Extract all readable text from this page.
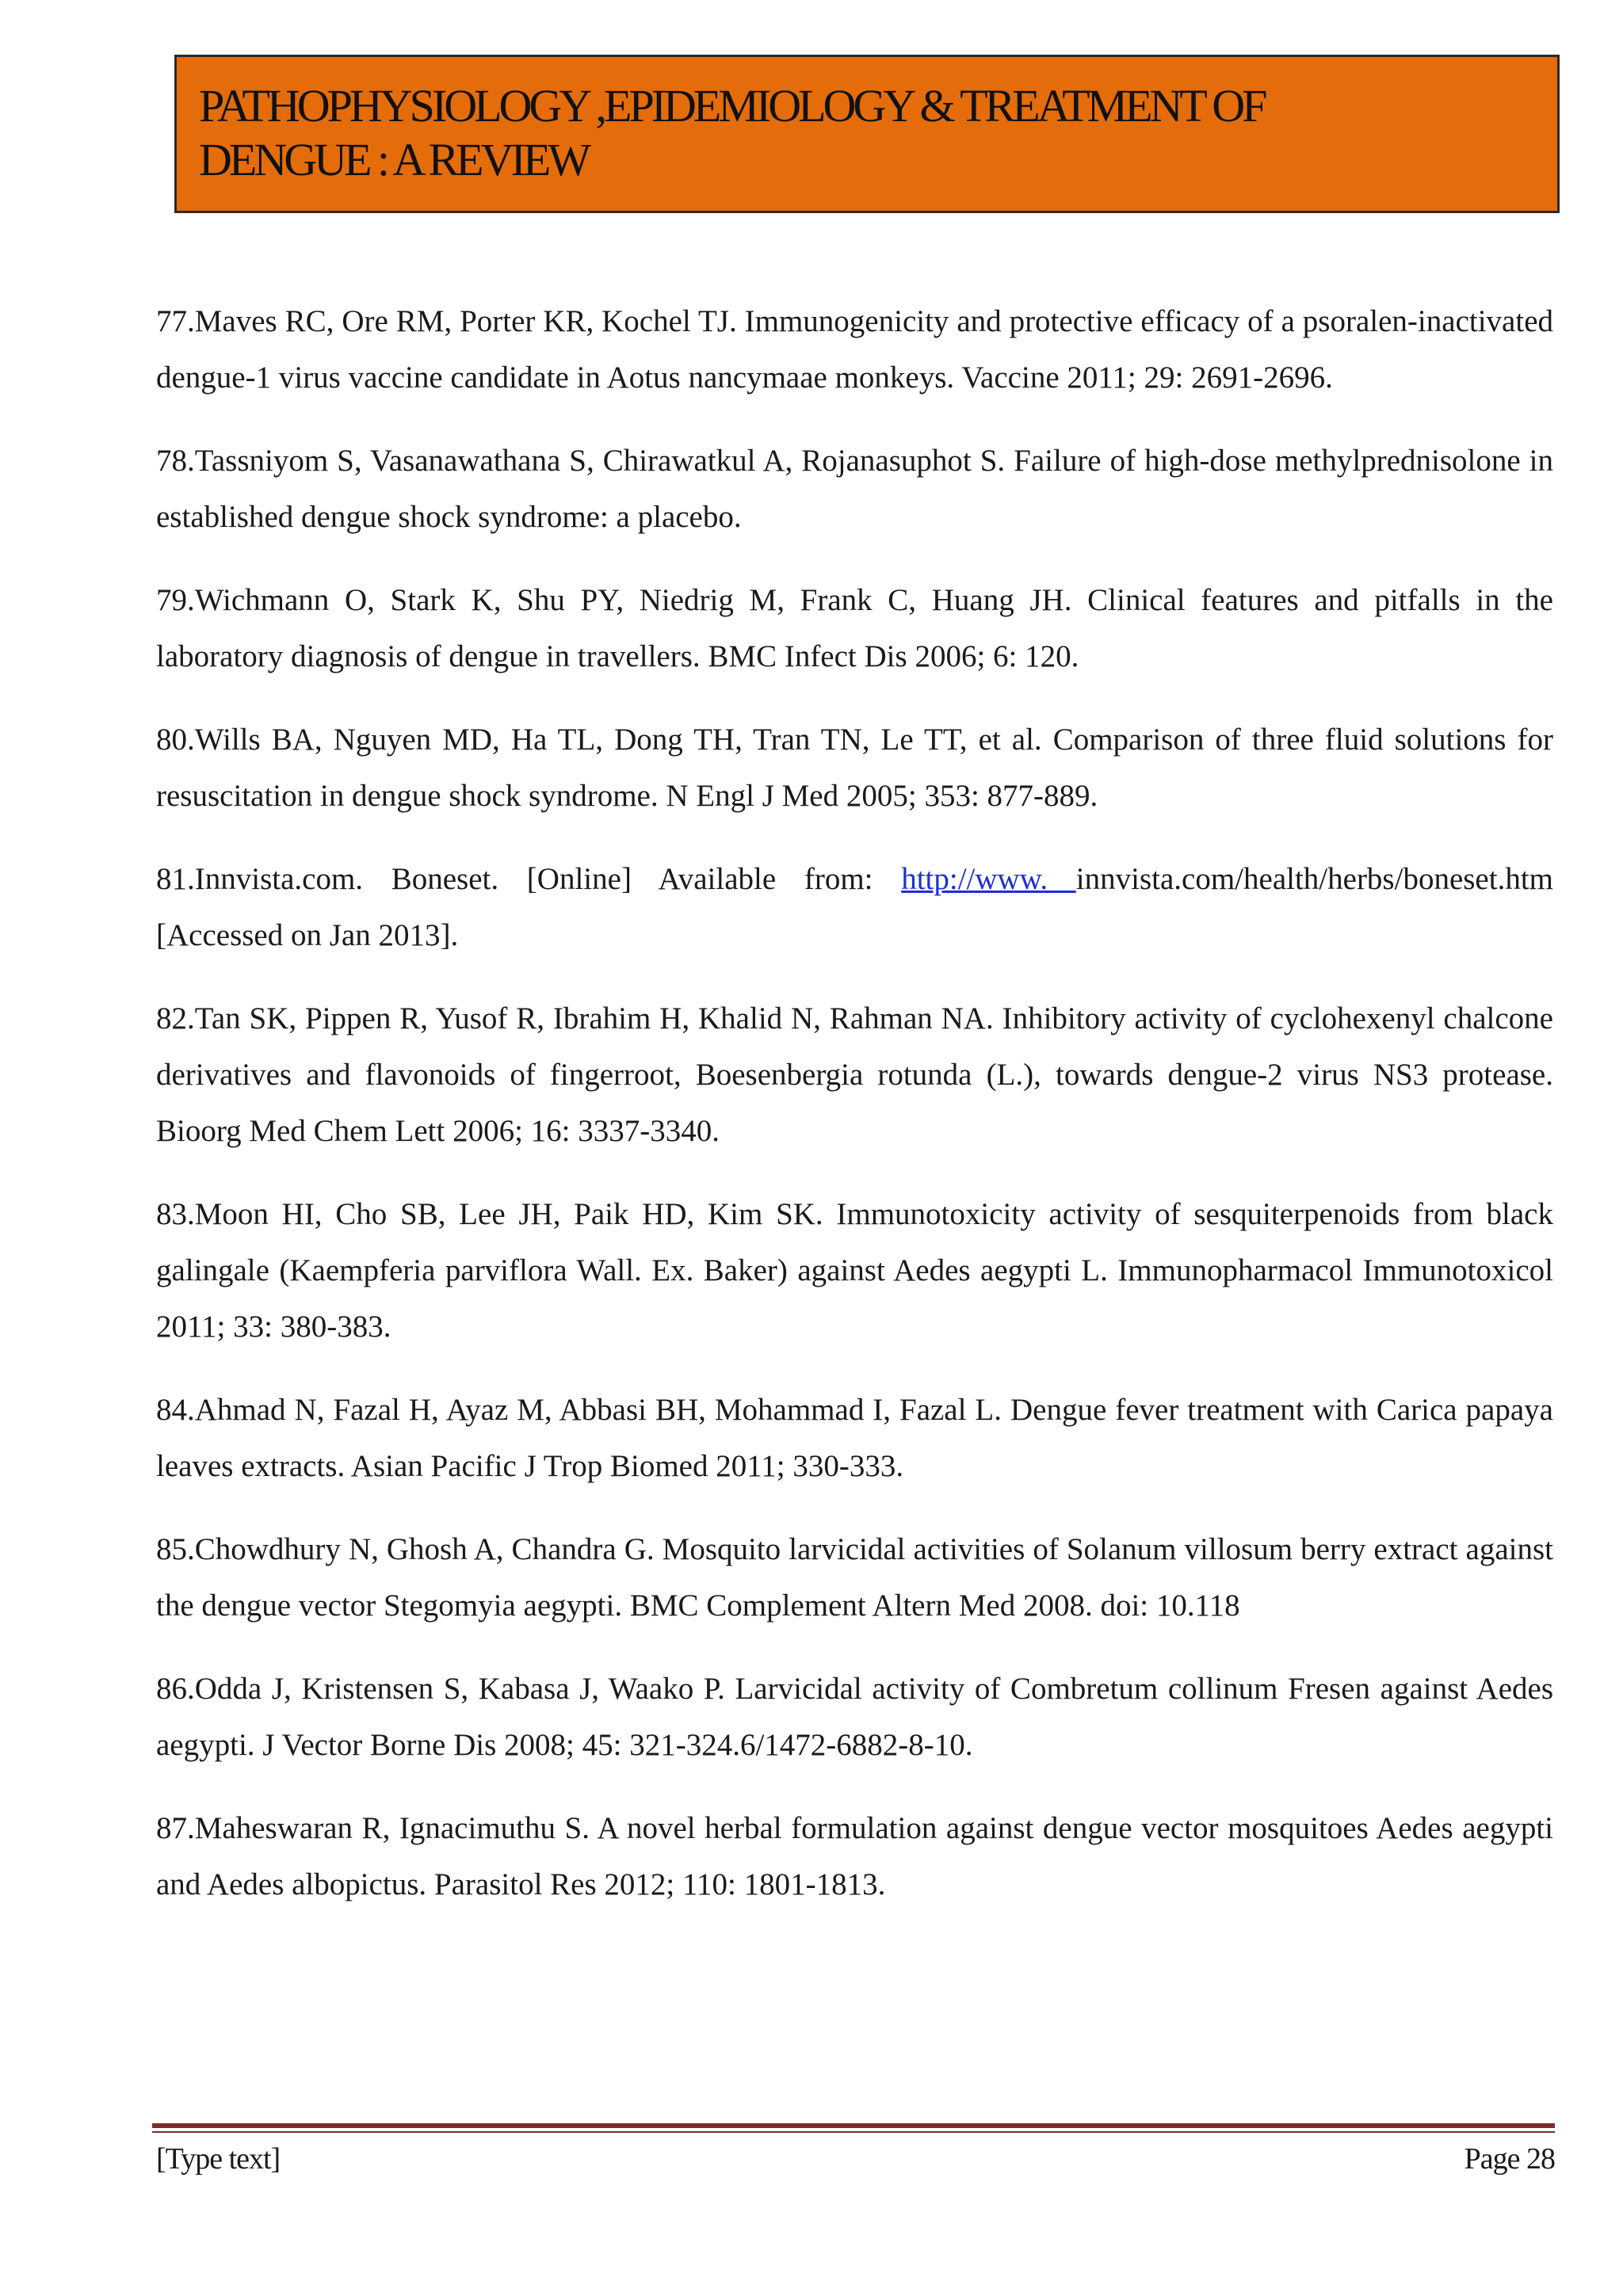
PATHOPHYSIOLOGY ,EPIDEMIOLOGY & TREATMENT OF
DENGUE : A REVIEW

77.Maves RC, Ore RM, Porter KR, Kochel TJ. Immunogenicity and protective efficacy of a psoralen-inactivated dengue-1 virus vaccine candidate in Aotus nancymaae monkeys. Vaccine 2011; 29: 2691-2696.

78.Tassniyom S, Vasanawathana S, Chirawatkul A, Rojanasuphot S. Failure of high-dose methylprednisolone in established dengue shock syndrome: a placebo.

79.Wichmann O, Stark K, Shu PY, Niedrig M, Frank C, Huang JH. Clinical features and pitfalls in the laboratory diagnosis of dengue in travellers. BMC Infect Dis 2006; 6: 120.

80.Wills BA, Nguyen MD, Ha TL, Dong TH, Tran TN, Le TT, et al. Comparison of three fluid solutions for resuscitation in dengue shock syndrome. N Engl J Med 2005; 353: 877-889.

81.Innvista.com. Boneset. [Online] Available from: http://www. innvista.com/health/herbs/boneset.htm [Accessed on Jan 2013].

82.Tan SK, Pippen R, Yusof R, Ibrahim H, Khalid N, Rahman NA. Inhibitory activity of cyclohexenyl chalcone derivatives and flavonoids of fingerroot, Boesenbergia rotunda (L.), towards dengue-2 virus NS3 protease. Bioorg Med Chem Lett 2006; 16: 3337-3340.

83.Moon HI, Cho SB, Lee JH, Paik HD, Kim SK. Immunotoxicity activity of sesquiterpenoids from black galingale (Kaempferia parviflora Wall. Ex. Baker) against Aedes aegypti L. Immunopharmacol Immunotoxicol 2011; 33: 380-383.

84.Ahmad N, Fazal H, Ayaz M, Abbasi BH, Mohammad I, Fazal L. Dengue fever treatment with Carica papaya leaves extracts. Asian Pacific J Trop Biomed 2011; 330-333.

85.Chowdhury N, Ghosh A, Chandra G. Mosquito larvicidal activities of Solanum villosum berry extract against the dengue vector Stegomyia aegypti. BMC Complement Altern Med 2008. doi: 10.118

86.Odda J, Kristensen S, Kabasa J, Waako P. Larvicidal activity of Combretum collinum Fresen against Aedes aegypti. J Vector Borne Dis 2008; 45: 321-324.6/1472-6882-8-10.

87.Maheswaran R, Ignacimuthu S. A novel herbal formulation against dengue vector mosquitoes Aedes aegypti and Aedes albopictus. Parasitol Res 2012; 110: 1801-1813.

[Type text]	Page 28
